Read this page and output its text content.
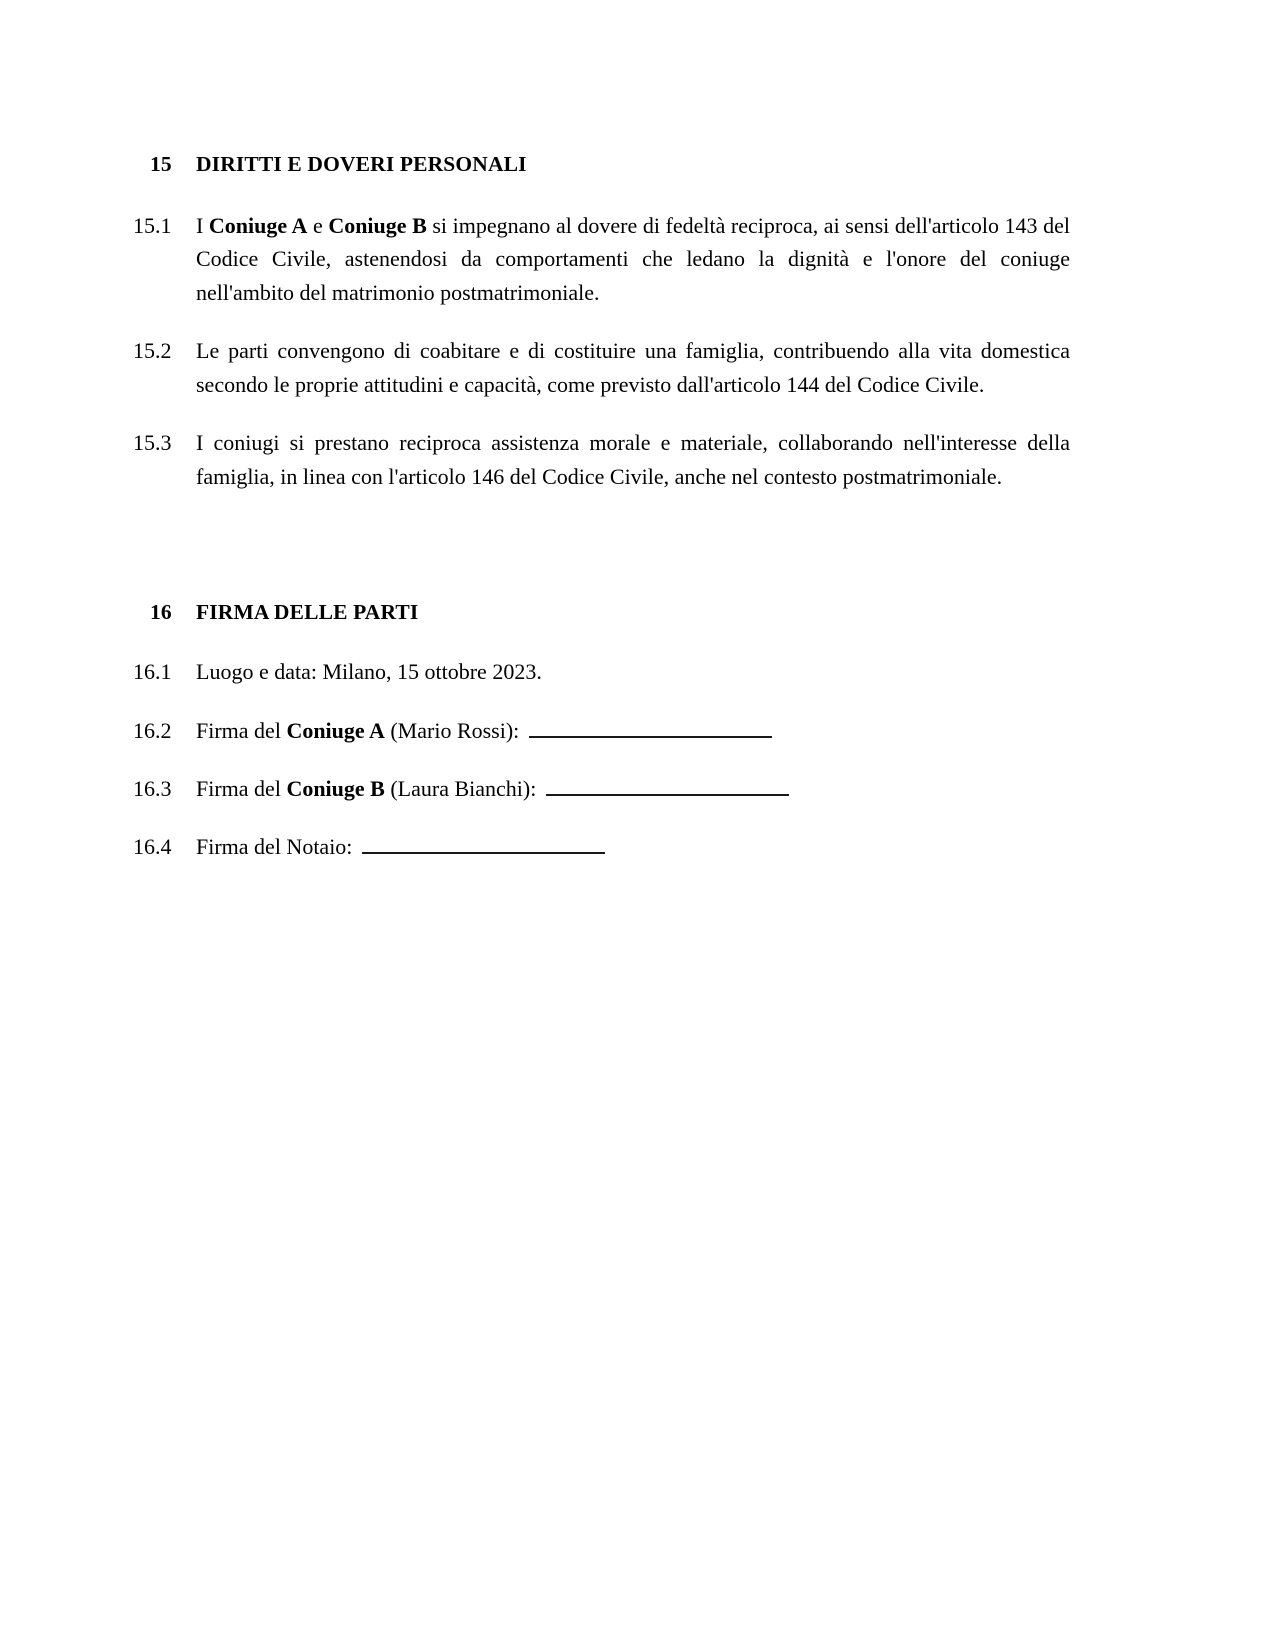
15	DIRITTI E DOVERI PERSONALI
15.1	I Coniuge A e Coniuge B si impegnano al dovere di fedeltà reciproca, ai sensi dell'articolo 143 del Codice Civile, astenendosi da comportamenti che ledano la dignità e l'onore del coniuge nell'ambito del matrimonio postmatrimoniale.
15.2	Le parti convengono di coabitare e di costituire una famiglia, contribuendo alla vita domestica secondo le proprie attitudini e capacità, come previsto dall'articolo 144 del Codice Civile.
15.3	I coniugi si prestano reciproca assistenza morale e materiale, collaborando nell'interesse della famiglia, in linea con l'articolo 146 del Codice Civile, anche nel contesto postmatrimoniale.
16	FIRMA DELLE PARTI
16.1	Luogo e data: Milano, 15 ottobre 2023.
16.2	Firma del Coniuge A (Mario Rossi):
16.3	Firma del Coniuge B (Laura Bianchi):
16.4	Firma del Notaio:
